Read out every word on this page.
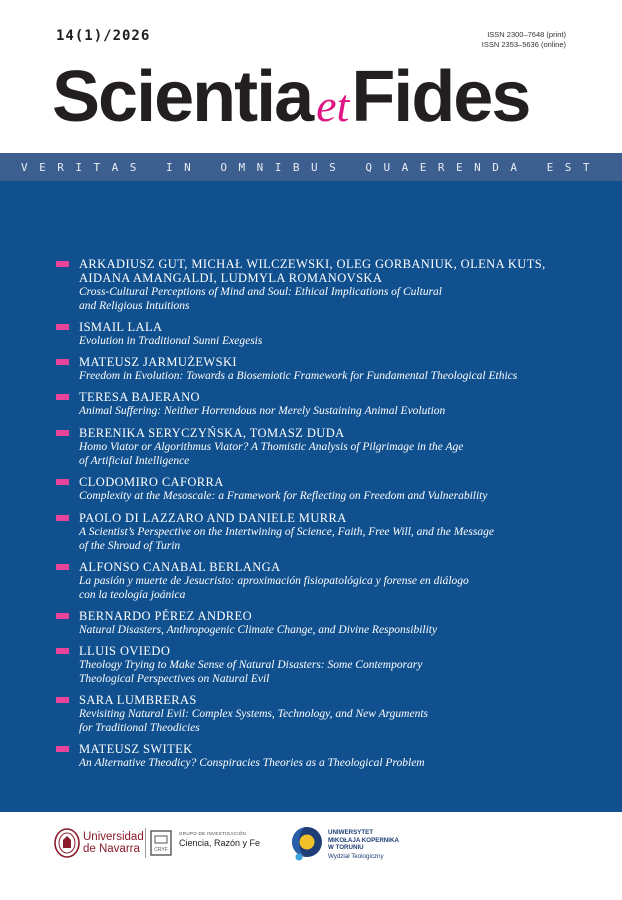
14(1)/2026	ISSN 2300–7648 (print)
ISSN 2353–5636 (online)
ScientiaetFides
VERITAS IN OMNIBUS QUAERENDA EST
ARKADIUSZ GUT, MICHAŁ WILCZEWSKI, OLEG GORBANIUK, OLENA KUTS,
AIDANA AMANGALDI, LUDMYLA ROMANOVSKA
Cross-Cultural Perceptions of Mind and Soul: Ethical Implications of Cultural
and Religious Intuitions
ISMAIL LALA
Evolution in Traditional Sunni Exegesis
MATEUSZ JARMUŻEWSKI
Freedom in Evolution: Towards a Biosemiotic Framework for Fundamental Theological Ethics
TERESA BAJERANO
Animal Suffering: Neither Horrendous nor Merely Sustaining Animal Evolution
BERENIKA SERYCZYŃSKA, TOMASZ DUDA
Homo Viator or Algorithmus Viator? A Thomistic Analysis of Pilgrimage in the Age
of Artificial Intelligence
CLODOMIRO CAFORRA
Complexity at the Mesoscale: a Framework for Reflecting on Freedom and Vulnerability
PAOLO DI LAZZARO AND DANIELE MURRA
A Scientist’s Perspective on the Intertwining of Science, Faith, Free Will, and the Message
of the Shroud of Turin
ALFONSO CANABAL BERLANGA
La pasión y muerte de Jesucristo: aproximación fisiopatológica y forense en diálogo
con la teología joánica
BERNARDO PÉREZ ANDREO
Natural Disasters, Anthropogenic Climate Change, and Divine Responsibility
LLUIS OVIEDO
Theology Trying to Make Sense of Natural Disasters: Some Contemporary
Theological Perspectives on Natural Evil
SARA LUMBRERAS
Revisiting Natural Evil: Complex Systems, Technology, and New Arguments
for Traditional Theodicies
MATEUSZ SWITEK
An Alternative Theodicy? Conspiracies Theories as a Theological Problem
Universidad
de Navarra	CRYF
GRUPO DE INVESTIGACIÓN
Ciencia, Razón y Fe
UNIWERSYTET
MIKOŁAJA KOPERNIKA
W TORUNIU
Wydział Teologiczny
